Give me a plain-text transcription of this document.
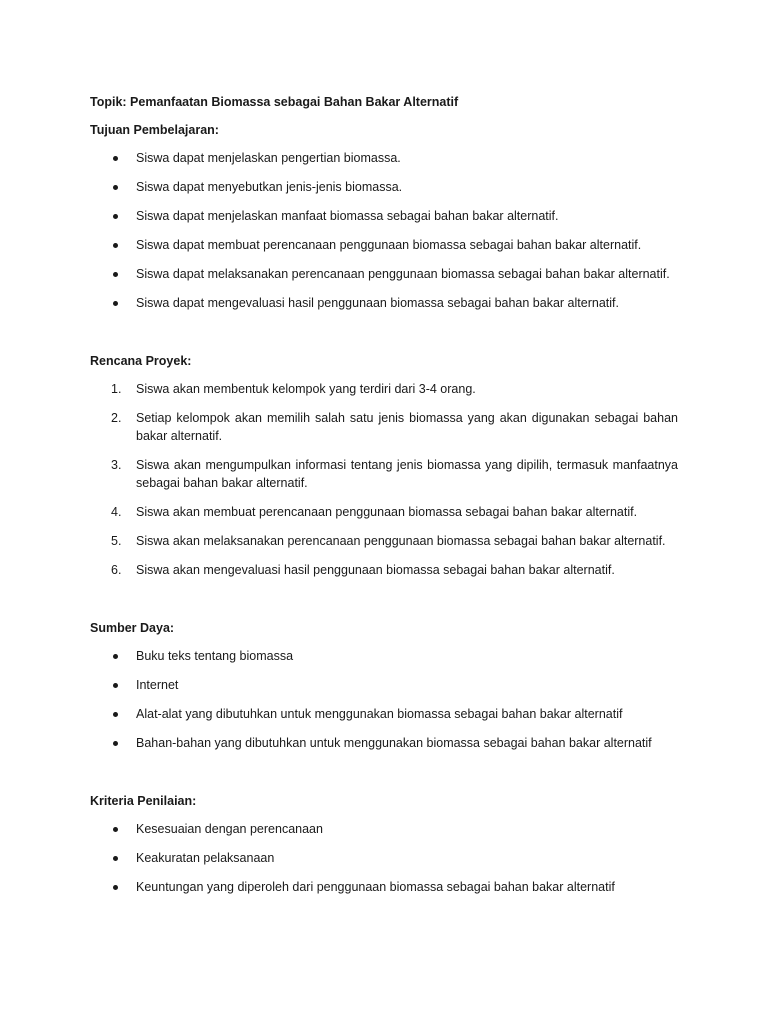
Topik: Pemanfaatan Biomassa sebagai Bahan Bakar Alternatif

Tujuan Pembelajaran:

Siswa dapat menjelaskan pengertian biomassa.
Siswa dapat menyebutkan jenis-jenis biomassa.
Siswa dapat menjelaskan manfaat biomassa sebagai bahan bakar alternatif.
Siswa dapat membuat perencanaan penggunaan biomassa sebagai bahan bakar alternatif.
Siswa dapat melaksanakan perencanaan penggunaan biomassa sebagai bahan bakar alternatif.
Siswa dapat mengevaluasi hasil penggunaan biomassa sebagai bahan bakar alternatif.

Rencana Proyek:

1.	Siswa akan membentuk kelompok yang terdiri dari 3-4 orang.
2.	Setiap kelompok akan memilih salah satu jenis biomassa yang akan digunakan sebagai bahan bakar alternatif.
3.	Siswa akan mengumpulkan informasi tentang jenis biomassa yang dipilih, termasuk manfaatnya sebagai bahan bakar alternatif.
4.	Siswa akan membuat perencanaan penggunaan biomassa sebagai bahan bakar alternatif.
5.	Siswa akan melaksanakan perencanaan penggunaan biomassa sebagai bahan bakar alternatif.
6.	Siswa akan mengevaluasi hasil penggunaan biomassa sebagai bahan bakar alternatif.

Sumber Daya:

Buku teks tentang biomassa
Internet
Alat-alat yang dibutuhkan untuk menggunakan biomassa sebagai bahan bakar alternatif
Bahan-bahan yang dibutuhkan untuk menggunakan biomassa sebagai bahan bakar alternatif

Kriteria Penilaian:

Kesesuaian dengan perencanaan
Keakuratan pelaksanaan
Keuntungan yang diperoleh dari penggunaan biomassa sebagai bahan bakar alternatif
